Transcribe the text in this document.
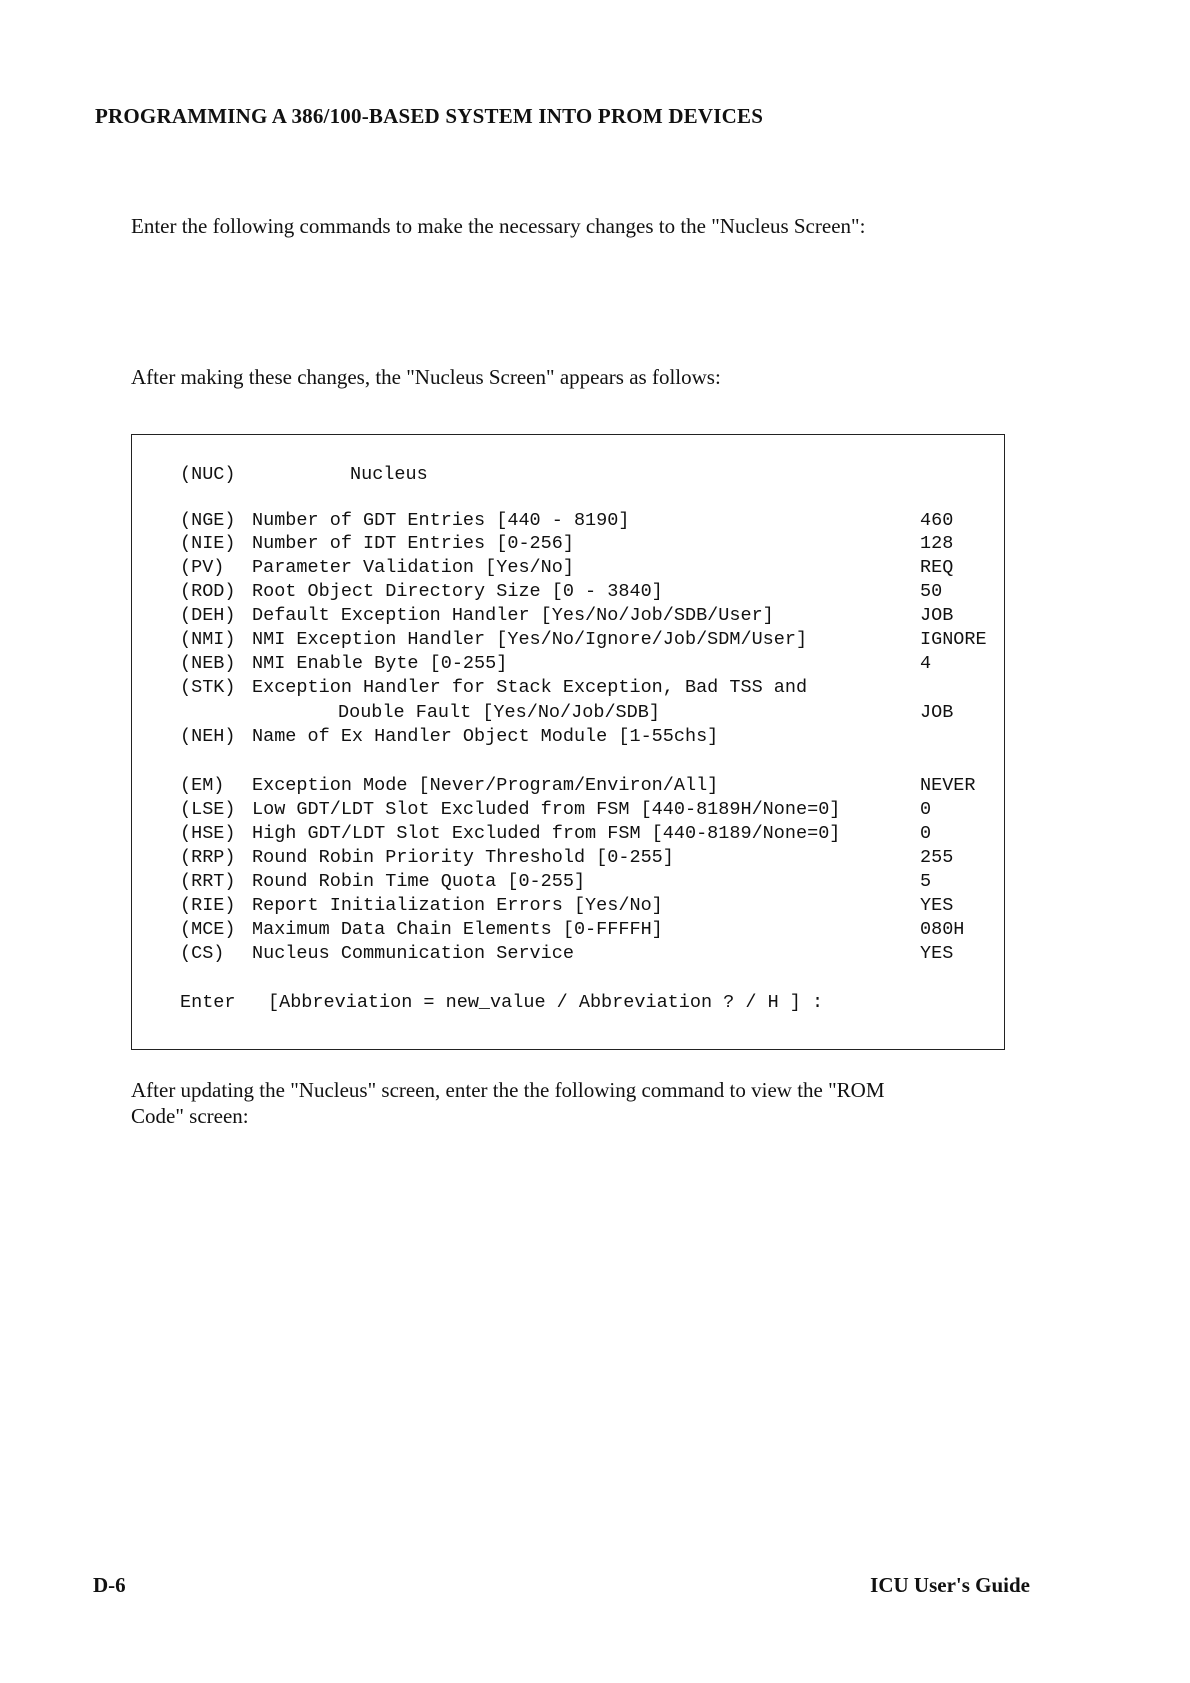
PROGRAMMING A 386/100-BASED SYSTEM INTO PROM DEVICES
Enter the following commands to make the necessary changes to the "Nucleus Screen":
After making these changes, the "Nucleus Screen" appears as follows:
(NUC)	Nucleus
(NGE) Number of GDT Entries [440 - 8190]	460
(NIE) Number of IDT Entries [0-256]	128
(PV) Parameter Validation [Yes/No]	REQ
(ROD) Root Object Directory Size [0 - 3840]	50
(DEH) Default Exception Handler [Yes/No/Job/SDB/User]	JOB
(NMI) NMI Exception Handler [Yes/No/Ignore/Job/SDM/User]	IGNORE
(NEB) NMI Enable Byte [0-255]	4
(STK) Exception Handler for Stack Exception, Bad TSS and
Double Fault [Yes/No/Job/SDB]	JOB
(NEH) Name of Ex Handler Object Module [1-55chs]
(EM) Exception Mode [Never/Program/Environ/All]	NEVER
(LSE) Low GDT/LDT Slot Excluded from FSM [440-8189H/None=0]	0
(HSE) High GDT/LDT Slot Excluded from FSM [440-8189/None=0]	0
(RRP) Round Robin Priority Threshold [0-255]	255
(RRT) Round Robin Time Quota [0-255]	5
(RIE) Report Initialization Errors [Yes/No]	YES
(MCE) Maximum Data Chain Elements [0-FFFFH]	080H
(CS) Nucleus Communication Service	YES
Enter [Abbreviation = new_value / Abbreviation ? / H ] :
After updating the "Nucleus" screen, enter the the following command to view the "ROM
Code" screen:
D-6	ICU User's Guide
